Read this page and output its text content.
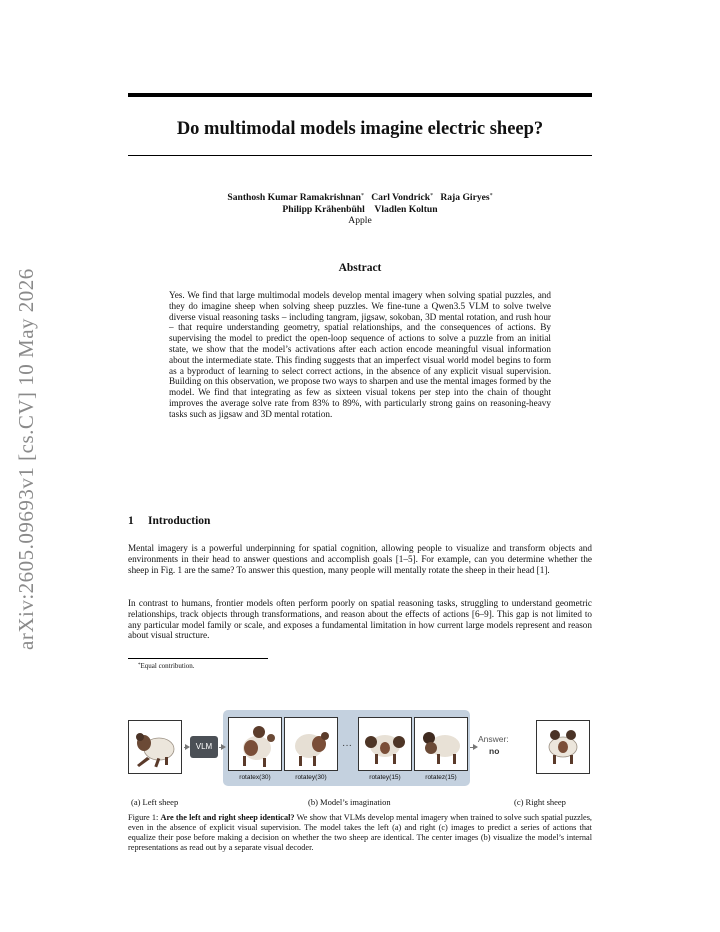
arXiv:2605.09693v1 [cs.CV] 10 May 2026
Do multimodal models imagine electric sheep?
Santhosh Kumar Ramakrishnan* Carl Vondrick* Raja Giryes*
Philipp Krähenbühl Vladlen Koltun
Apple
Abstract

Yes. We find that large multimodal models develop mental imagery when solving spatial puzzles, and they do imagine sheep when solving sheep puzzles. We fine-tune a Qwen3.5 VLM to solve twelve diverse visual reasoning tasks – including tangram, jigsaw, sokoban, 3D mental rotation, and rush hour – that require understanding geometry, spatial relationships, and the consequences of actions. By supervising the model to predict the open-loop sequence of actions to solve a puzzle from an initial state, we show that the model’s activations after each action encode meaningful visual information about the intermediate state. This finding suggests that an imperfect visual world model begins to form as a byproduct of learning to select correct actions, in the absence of any explicit visual supervision. Building on this observation, we propose two ways to sharpen and use the mental images formed by the model. We find that integrating as few as sixteen visual tokens per step into the chain of thought improves the average solve rate from 83% to 89%, with particularly strong gains on reasoning-heavy tasks such as jigsaw and 3D mental rotation.

1 Introduction

Mental imagery is a powerful underpinning for spatial cognition, allowing people to visualize and transform objects and environments in their head to answer questions and accomplish goals [1–5]. For example, can you determine whether the sheep in Fig. 1 are the same? To answer this question, many people will mentally rotate the sheep in their head [1].

In contrast to humans, frontier models often perform poorly on spatial reasoning tasks, struggling to understand geometric relationships, track objects through transformations, and reason about the effects of actions [6–9]. This gap is not limited to any particular model family or scale, and exposes a fundamental limitation in how current large models represent and reason about visual structure.

*Equal contribution.
VLM	···
rotatex(30)	rotatey(30)	rotatey(15)	rotatez(15)
Answer:
no
(a) Left sheep	(b) Model’s imagination	(c) Right sheep

Figure 1: Are the left and right sheep identical? We show that VLMs develop mental imagery when trained to solve such spatial puzzles, even in the absence of explicit visual supervision. The model takes the left (a) and right (c) images to predict a series of actions that equalize their pose before making a decision on whether the two sheep are identical. The center images (b) visualize the model’s internal representations as read out by a separate visual decoder.
